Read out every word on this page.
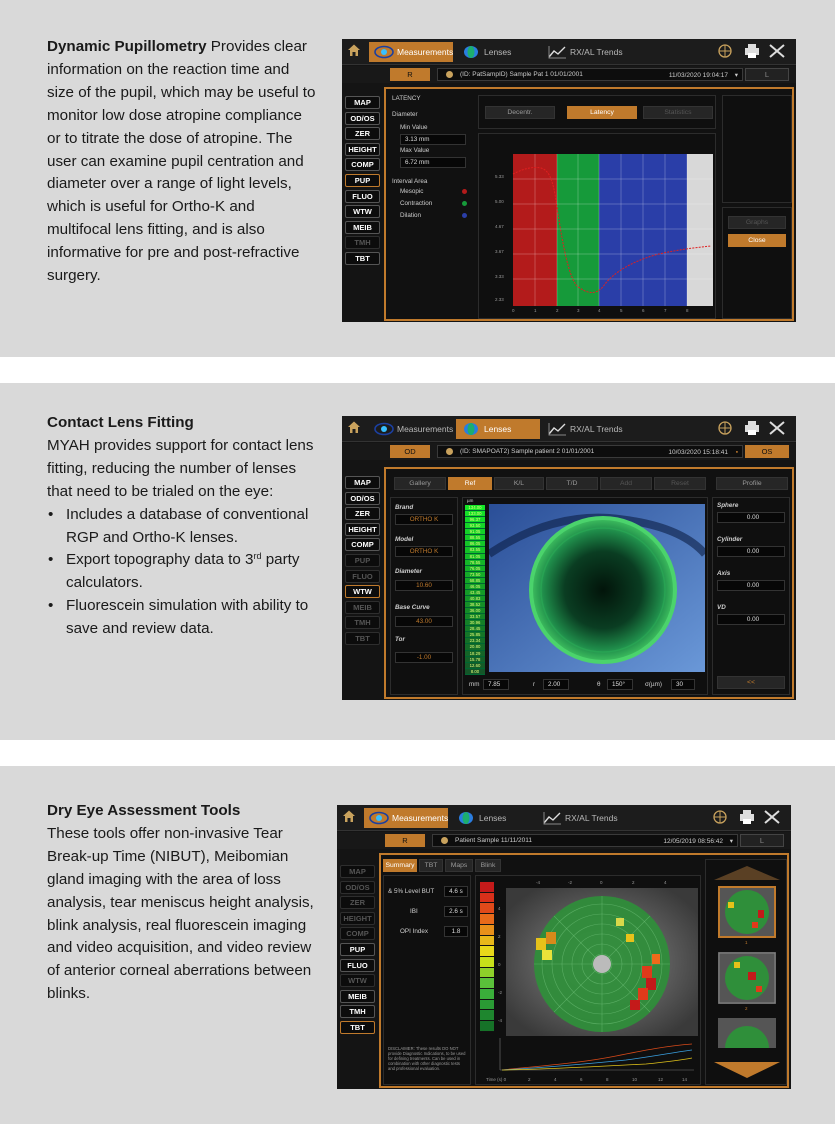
Dynamic Pupillometry Provides clear information on the reaction time and size of the pupil, which may be useful to monitor low dose atropine compliance or to titrate the dose of atropine. The user can examine pupil centration and diameter over a range of light levels, which is useful for Ortho-K and multifocal lens fitting, and is also informative for pre and post-refractive surgery.
Measurements	Lenses	RX/AL Trends
R	(ID: PatSampID) Sample Pat 1 01/01/2001	11/03/2020 19:04:17 ▾	L
MAP
OD/OS
ZER
HEIGHT
COMP
PUP
FLUO
WTW
MEIB
TMH
TBT
LATENCY
Diameter
Min Value
3.13 mm
Max Value
6.72 mm
Interval Area
Mesopic
Contraction
Dilation
Decentr.	Latency	Statistics
5.33
5.00
4.67
3.67
3.33
2.33
0	1	2	3	4	5	6	7	8
Graphs
Close
Contact Lens Fitting
MYAH provides support for contact lens fitting, reducing the number of lenses that need to be trialed on the eye:
• Includes a database of conventional RGP and Ortho-K lenses.
• Export topography data to 3rd party calculators.
• Fluorescein simulation with ability to save and review data.
Measurements	Lenses	RX/AL Trends
OD	(ID: SMAPOAT2) Sample patient 2 01/01/2001	10/03/2020 15:18:41 ▪	OS
MAP
OD/OS
ZER
HEIGHT
COMP
PUP
FLUO
WTW
MEIB
TMH
TBT
Gallery	Ref	K/L	T/D	Add	Reset	Profile
Brand
ORTHO K
Model
ORTHO K
Diameter
10.60
Base Curve
43.00
Tor
-1.00
µm
134.00
133.00
96.37
93.50
91.05
88.55
86.05
83.55
81.05
78.55
76.05
73.50
68.85
46.05
43.45
40.83
38.52
36.00
33.57
30.96
28.45
25.85
23.34
20.80
18.29
15.78
12.60
8.00
mm	7.85	r	2.00	θ	150°	σ(µm)	30
Sphere
0.00
Cylinder
0.00
Axis
0.00
VD
0.00
<<
Dry Eye Assessment Tools
These tools offer non-invasive Tear Break-up Time (NIBUT), Meibomian gland imaging with the area of loss analysis, tear meniscus height analysis, blink analysis, real fluorescein imaging and video acquisition, and video review of anterior corneal aberrations between blinks.
Measurements	Lenses	RX/AL Trends
R	Patient Sample 11/11/2011	12/05/2019 08:56:42 ▾	L
MAP
OD/OS
ZER
HEIGHT
COMP
PUP
FLUO
WTW
MEIB
TMH
TBT
Summary	TBT	Maps	Blink
& 5% Level BUT	4.6 s
IBI	2.6 s
OPI Index	1.8
DISCLAIMER: These results DO NOT provide Diagnostic Indications, to be used for defining treatments. Can be used in combination with other diagnostic tests and professional evaluation.
-4	-2	0	2	4
4
2
0
-2
-4
Time (s) 0	2	4	6	8	10	12	14
1
2
